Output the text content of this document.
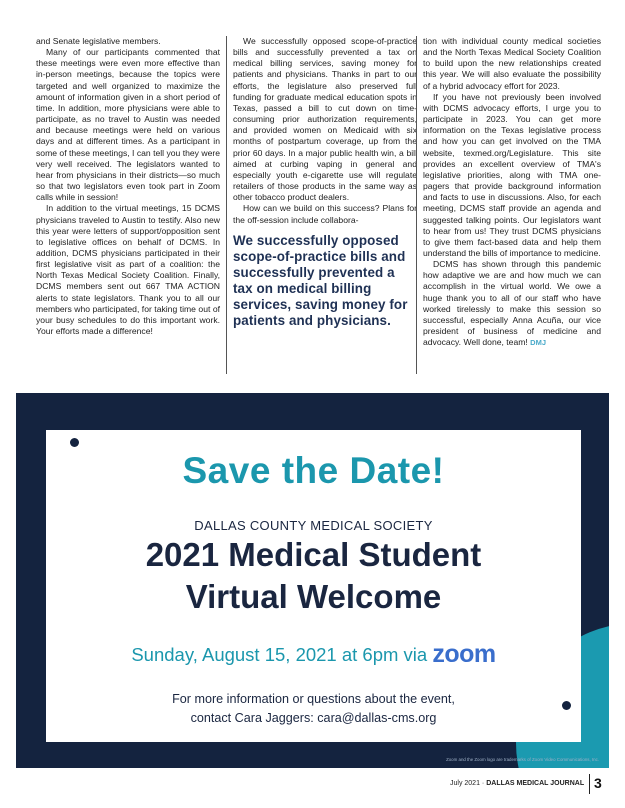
and Senate legislative members.

Many of our participants commented that these meetings were even more effective than in-person meetings, because the topics were targeted and well organized to maximize the amount of information given in a short period of time. In addition, more physicians were able to participate, as no travel to Austin was needed and because meetings were held on various days and at different times. As a participant in some of these meetings, I can tell you they were very well received. The legislators wanted to hear from physicians in their districts—so much so that two legislators even took part in Zoom calls while in session!

In addition to the virtual meetings, 15 DCMS physicians traveled to Austin to testify. Also new this year were letters of support/opposition sent to legislative offices on behalf of DCMS. In addition, DCMS physicians participated in their first legislative visit as part of a coalition: the North Texas Medical Society Coalition. Finally, DCMS members sent out 667 TMA ACTION alerts to state legislators. Thank you to all our members who participated, for taking time out of your busy schedules to do this important work. Your efforts made a difference!

We successfully opposed scope-of-practice bills and successfully prevented a tax on medical billing services, saving money for patients and physicians. Thanks in part to our efforts, the legislature also preserved full funding for graduate medical education spots in Texas, passed a bill to cut down on time-consuming prior authorization requirements, and provided women on Medicaid with six months of postpartum coverage, up from the prior 60 days. In a major public health win, a bill aimed at curbing vaping in general and especially youth e-cigarette use will regulate retailers of those products in the same way as other tobacco product dealers.

How can we build on this success? Plans for the off-session include collabora-

We successfully opposed scope-of-practice bills and successfully prevented a tax on medical billing services, saving money for patients and physicians.

tion with individual county medical societies and the North Texas Medical Society Coalition to build upon the new relationships created this year. We will also evaluate the possibility of a hybrid advocacy effort for 2023.

If you have not previously been involved with DCMS advocacy efforts, I urge you to participate in 2023. You can get more information on the Texas legislative process and how you can get involved on the TMA website, texmed.org/Legislature. This site provides an excellent overview of TMA's legislative priorities, along with TMA one-pagers that provide background information and facts to use in discussions. Also, for each meeting, DCMS staff provide an agenda and suggested talking points. Our legislators want to hear from us! They trust DCMS physicians to give them fact-based data and help them understand the bills of importance to medicine.

DCMS has shown through this pandemic how adaptive we are and how much we can accomplish in the virtual world. We owe a huge thank you to all of our staff who have worked tirelessly to make this session so successful, especially Anna Acuña, our vice president of business of medicine and advocacy. Well done, team! DMJ

Save the Date!
DALLAS COUNTY MEDICAL SOCIETY
2021 Medical Student
Virtual Welcome
Sunday, August 15, 2021 at 6pm via zoom
For more information or questions about the event,
contact Cara Jaggers: cara@dallas-cms.org
Zoom and the Zoom logo are trademarks of Zoom Video Communications, Inc.
July 2021 · DALLAS MEDICAL JOURNAL 3
